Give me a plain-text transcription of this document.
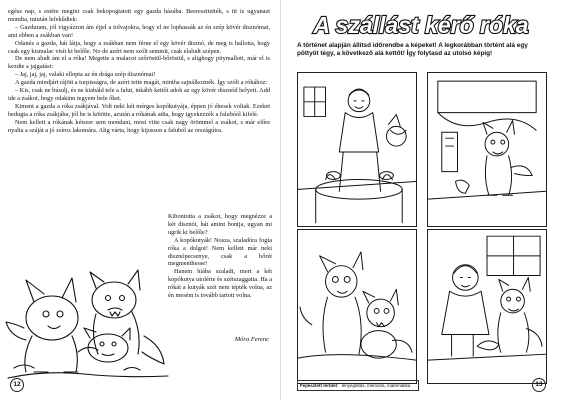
egész nap, s estére megint csak bekopogtatott egy gazda házába. Beereszttették, s itt is ugyanazt mondta, miután lefekűdtek:

– Gazduram, jól vigyázzon ám éjjel a tolvajokra, hogy el ne lophassák az én szép kövér disznómat, ami ebben a zsákban van!

Odanéz a gazda, hát látja, hogy a zsákban nem férne el egy kövér disznó, de meg is hallotta, hogy csak egy kismalac visít ki belőle. No de azért nem szólt semmit, csak elaludt szépen.

De nem aludt ám el a róka! Megette a malacot szőröstül-bőröstül, s alighogy pitymallott, már el is kezdte a jajgatást:

– Jaj, jaj, jaj, valaki ellopta az én drága szép disznómat!

A gazda mindjárt rájött a turpisságra, de azért tette magát, mintha sajnálkoznék. Így szólt a rókához:

– Kis, csak ne búsulj, és ne kiabáld tele a falut, inkább kettőt adok az egy kövér disznód helyett. Add ide a zsákot, hogy odakinn tegyem bele őket.

Kiment a gazda a róka zsákjával. Volt neki két mérges kopókutyája, éppen jó éhesek voltak. Ezeket bedugta a róka zsákjába, jól be is kötötte, azután a rókának adta, hogy igyekezzék a falubóól kifelé.

Nem kellett a rókának kétszer sem mondani, most vitte csak nagy örömmel a zsákot, s már előre nyalta a száját a jó zsíros lakomára. Alig várta, hogy kijusson a faluból az országútra.

Kibontotta a zsákot, hogy megnézze a két disznót, hát amint bontja, ugyan mi ugrik ki belőle?

A kopókutyák! Nosza, szaladóra fogta róka a dolgot! Nem kellett már neki disznópecsenye, csak a bőrét megmenthesse!

Hanem hiába szaladt, mert a két kopókutya utolérte és szétszaggatta. Ha a rókát a kutyák szét nem tépték volna, az én mesém is tovább tartott volna.

Móra Ferenc
12
A szállást kérő róka
A történet alapján állítsd időrendbe a képeket! A legkorábban történt alá egy pöttyöt tégy, a következő alá kettőt! Így folytasd az utolsó képig!
Fejlesztett terület: lényeglátás, memória, matematika	13
